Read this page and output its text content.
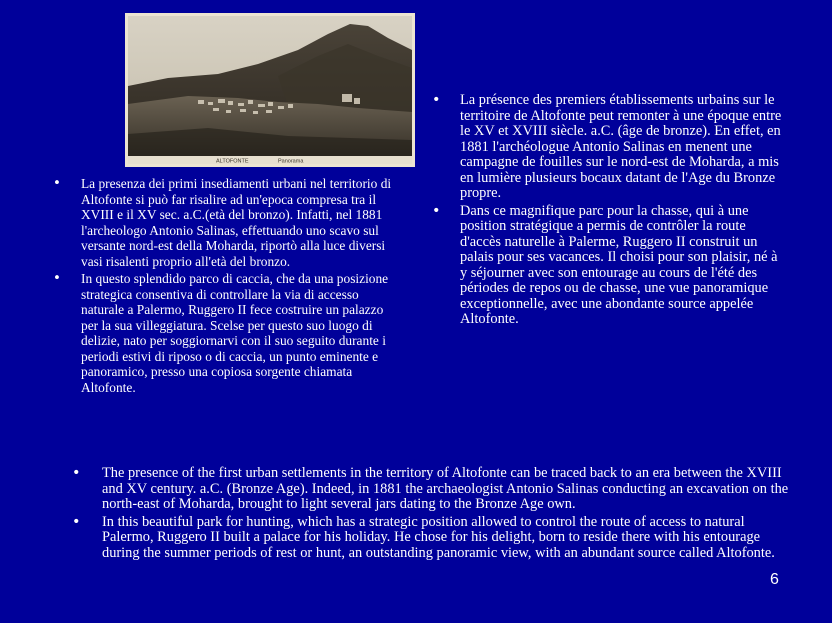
ALTOFONTE	Panorama
• La presenza dei primi insediamenti urbani nel territorio di Altofonte si può far risalire ad un'epoca compresa tra il XVIII e il XV sec. a.C.(età del bronzo). Infatti, nel 1881 l'archeologo Antonio Salinas, effettuando uno scavo sul versante nord-est della Moharda, riportò alla luce diversi vasi risalenti proprio all'età del bronzo.
• In questo splendido parco di caccia, che da una posizione strategica consentiva di controllare la via di accesso naturale a Palermo, Ruggero II fece costruire un palazzo per la sua villeggiatura. Scelse per questo suo luogo di delizie, nato per soggiornarvi con il suo seguito durante i periodi estivi di riposo o di caccia, un punto eminente e panoramico, presso una copiosa sorgente chiamata Altofonte.
• La présence des premiers établissements urbains sur le territoire de Altofonte peut remonter à une époque entre le XV et XVIII siècle. a.C. (âge de bronze). En effet, en 1881 l'archéologue Antonio Salinas en menent une campagne de fouilles sur le nord-est de Moharda, a mis en lumière plusieurs bocaux datant de l'Age du Bronze propre.
• Dans ce magnifique parc pour la chasse, qui à une position stratégique a permis de contrôler la route d'accès naturelle à Palerme, Ruggero II construit un palais pour ses vacances. Il choisi pour son plaisir, né à y séjourner avec son entourage au cours de l'été des périodes de repos ou de chasse, une vue panoramique exceptionnelle, avec une abondante source appelée Altofonte.
• The presence of the first urban settlements in the territory of Altofonte can be traced back to an era between the XVIII and XV century. a.C. (Bronze Age). Indeed, in 1881 the archaeologist Antonio Salinas conducting an excavation on the north-east of Moharda, brought to light several jars dating to the Bronze Age own.
• In this beautiful park for hunting, which has a strategic position allowed to control the route of access to natural Palermo, Ruggero II built a palace for his holiday. He chose for his delight, born to reside there with his entourage during the summer periods of rest or hunt, an outstanding panoramic view, with an abundant source called Altofonte.
6
